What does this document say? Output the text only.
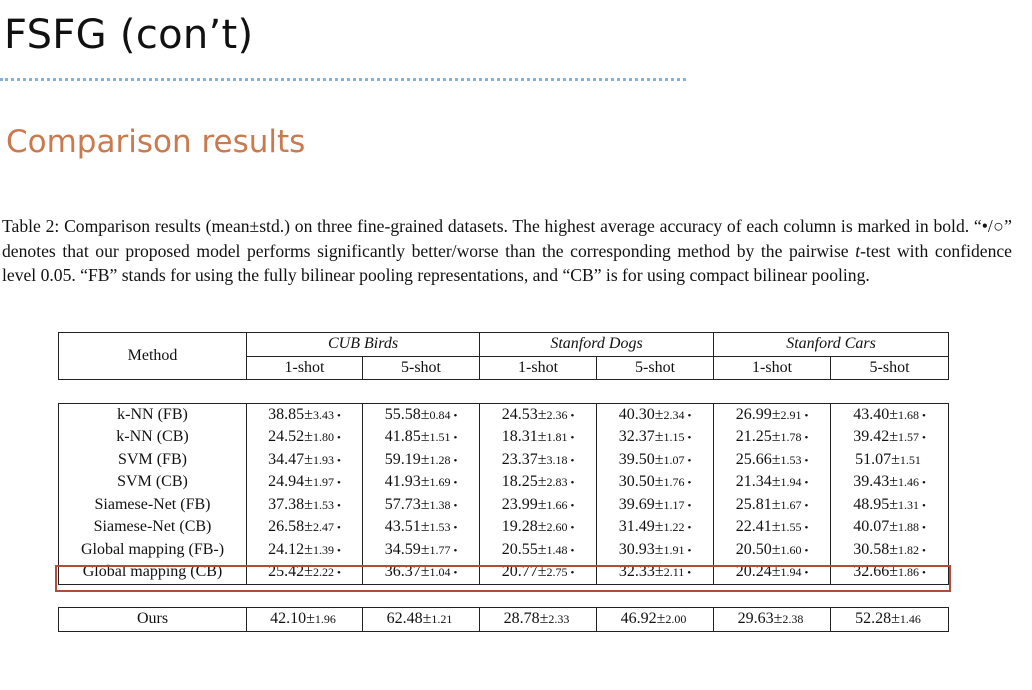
FSFG (con’t)
Comparison results
Table 2: Comparison results (mean±std.) on three fine-grained datasets. The highest average accuracy of each column is marked in bold. “•/○” denotes that our proposed model performs significantly better/worse than the corresponding method by the pairwise t-test with confidence level 0.05. “FB” stands for using the fully bilinear pooling representations, and “CB” is for using compact bilinear pooling.
Method	CUB Birds		Stanford Dogs		Stanford Cars	
	1-shot	5-shot	1-shot	5-shot	1-shot	5-shot

k-NN (FB)	38.85±3.43 •	55.58±0.84 •	24.53±2.36 •	40.30±2.34 •	26.99±2.91 •	43.40±1.68 •
k-NN (CB)	24.52±1.80 •	41.85±1.51 •	18.31±1.81 •	32.37±1.15 •	21.25±1.78 •	39.42±1.57 •
SVM (FB)	34.47±1.93 •	59.19±1.28 •	23.37±3.18 •	39.50±1.07 •	25.66±1.53 •	51.07±1.51
SVM (CB)	24.94±1.97 •	41.93±1.69 •	18.25±2.83 •	30.50±1.76 •	21.34±1.94 •	39.43±1.46 •
Siamese-Net (FB)	37.38±1.53 •	57.73±1.38 •	23.99±1.66 •	39.69±1.17 •	25.81±1.67 •	48.95±1.31 •
Siamese-Net (CB)	26.58±2.47 •	43.51±1.53 •	19.28±2.60 •	31.49±1.22 •	22.41±1.55 •	40.07±1.88 •
Global mapping (FB-)	24.12±1.39 •	34.59±1.77 •	20.55±1.48 •	30.93±1.91 •	20.50±1.60 •	30.58±1.82 •
Global mapping (CB)	25.42±2.22 •	36.37±1.04 •	20.77±2.75 •	32.33±2.11 •	20.24±1.94 •	32.66±1.86 •

Ours	42.10±1.96	62.48±1.21	28.78±2.33	46.92±2.00	29.63±2.38	52.28±1.46
